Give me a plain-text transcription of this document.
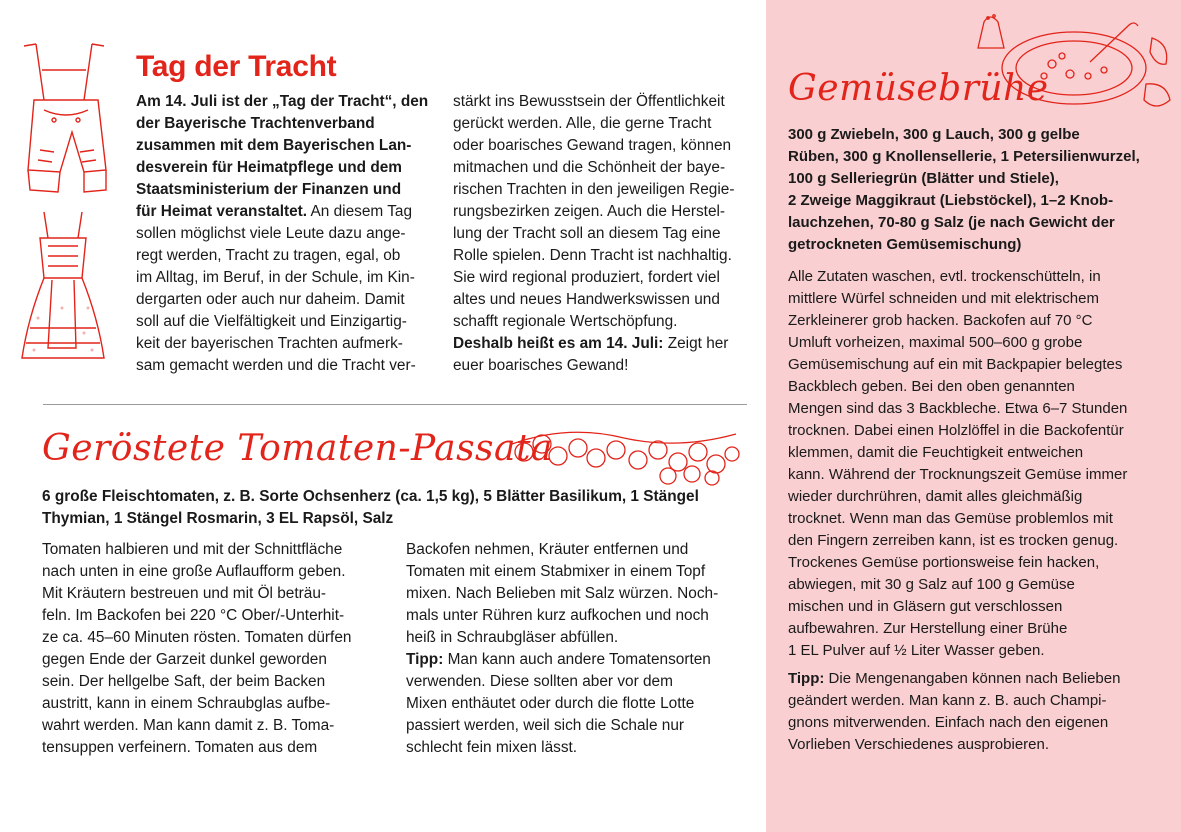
Tag der Tracht
Am 14. Juli ist der „Tag der Tracht“, den
der Bayerische Trachtenverband
zusammen mit dem Bayerischen Lan-
desverein für Heimatpflege und dem
Staatsministerium der Finanzen und
für Heimat veranstaltet. An diesem Tag
sollen möglichst viele Leute dazu ange-
regt werden, Tracht zu tragen, egal, ob
im Alltag, im Beruf, in der Schule, im Kin-
dergarten oder auch nur daheim. Damit
soll auf die Vielfältigkeit und Einzigartig-
keit der bayerischen Trachten aufmerk-
sam gemacht werden und die Tracht ver-
stärkt ins Bewusstsein der Öffentlichkeit
gerückt werden. Alle, die gerne Tracht
oder boarisches Gewand tragen, können
mitmachen und die Schönheit der baye-
rischen Trachten in den jeweiligen Regie-
rungsbezirken zeigen. Auch die Herstel-
lung der Tracht soll an diesem Tag eine
Rolle spielen. Denn Tracht ist nachhaltig.
Sie wird regional produziert, fordert viel
altes und neues Handwerkswissen und
schafft regionale Wertschöpfung.
Deshalb heißt es am 14. Juli: Zeigt her
euer boarisches Gewand!
Geröstete Tomaten-Passata
6 große Fleischtomaten, z. B. Sorte Ochsenherz (ca. 1,5 kg), 5 Blätter Basilikum, 1 Stängel
Thymian, 1 Stängel Rosmarin, 3 EL Rapsöl, Salz
Tomaten halbieren und mit der Schnittfläche
nach unten in eine große Auflaufform geben.
Mit Kräutern bestreuen und mit Öl beträu-
feln. Im Backofen bei 220 °C Ober/-Unterhit-
ze ca. 45–60 Minuten rösten. Tomaten dürfen
gegen Ende der Garzeit dunkel geworden
sein. Der hellgelbe Saft, der beim Backen
austritt, kann in einem Schraubglas aufbe-
wahrt werden. Man kann damit z. B. Toma-
tensuppen verfeinern. Tomaten aus dem
Backofen nehmen, Kräuter entfernen und
Tomaten mit einem Stabmixer in einem Topf
mixen. Nach Belieben mit Salz würzen. Noch-
mals unter Rühren kurz aufkochen und noch
heiß in Schraubgläser abfüllen.
Tipp: Man kann auch andere Tomatensorten
verwenden. Diese sollten aber vor dem
Mixen enthäutet oder durch die flotte Lotte
passiert werden, weil sich die Schale nur
schlecht fein mixen lässt.
Gemüsebrühe
300 g Zwiebeln, 300 g Lauch, 300 g gelbe
Rüben, 300 g Knollensellerie, 1 Petersilienwurzel,
100 g Selleriegrün (Blätter und Stiele),
2 Zweige Maggikraut (Liebstöckel), 1–2 Knob-
lauchzehen, 70-80 g Salz (je nach Gewicht der
getrockneten Gemüsemischung)
Alle Zutaten waschen, evtl. trockenschütteln, in
mittlere Würfel schneiden und mit elektrischem
Zerkleinerer grob hacken. Backofen auf 70 °C
Umluft vorheizen, maximal 500–600 g grobe
Gemüsemischung auf ein mit Backpapier belegtes
Backblech geben. Bei den oben genannten
Mengen sind das 3 Backbleche. Etwa 6–7 Stunden
trocknen. Dabei einen Holzlöffel in die Backofentür
klemmen, damit die Feuchtigkeit entweichen
kann. Während der Trocknungszeit Gemüse immer
wieder durchrühren, damit alles gleichmäßig
trocknet. Wenn man das Gemüse problemlos mit
den Fingern zerreiben kann, ist es trocken genug.
Trockenes Gemüse portionsweise fein hacken,
abwiegen, mit 30 g Salz auf 100 g Gemüse
mischen und in Gläsern gut verschlossen
aufbewahren. Zur Herstellung einer Brühe
1 EL Pulver auf ½ Liter Wasser geben.
Tipp: Die Mengenangaben können nach Belieben
geändert werden. Man kann z. B. auch Champi-
gnons mitverwenden. Einfach nach den eigenen
Vorlieben Verschiedenes ausprobieren.
